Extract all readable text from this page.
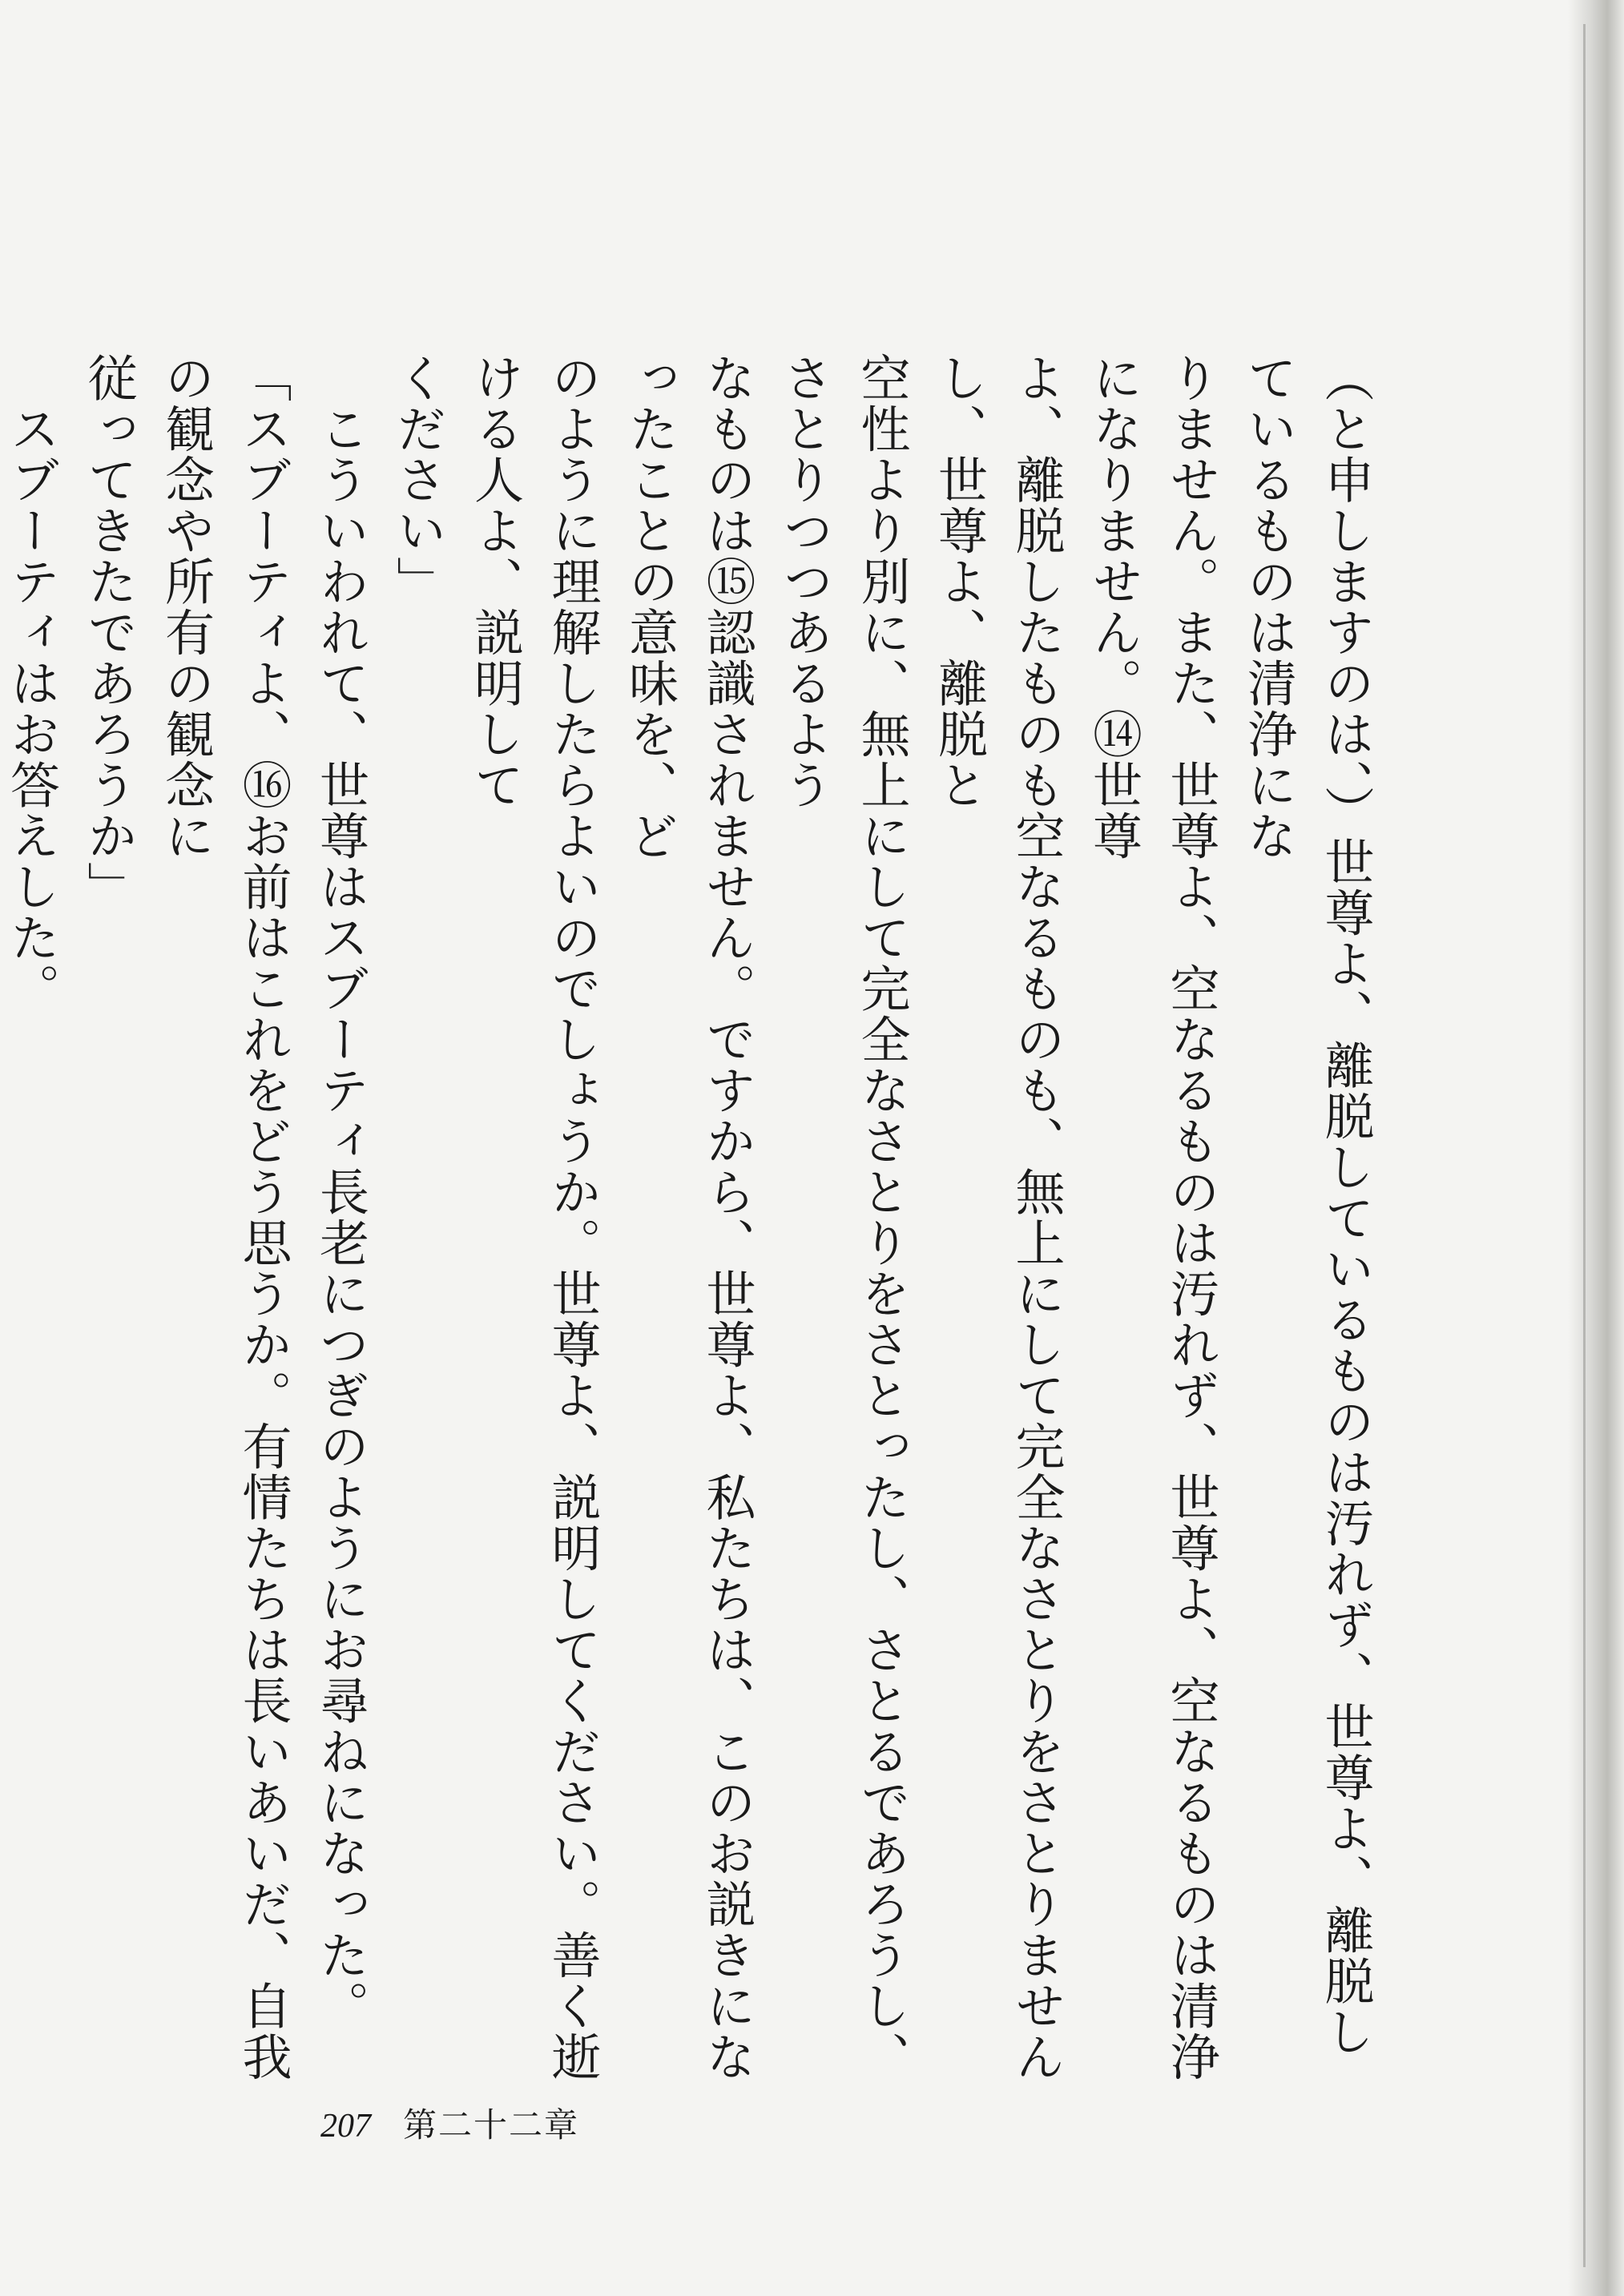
（と申しますのは、）世尊よ、離脱しているものは汚れず、世尊よ、離脱しているものは清浄にな
りません。また、世尊よ、空なるものは汚れず、世尊よ、空なるものは清浄になりません。⑭世尊
よ、離脱したものも空なるものも、無上にして完全なさとりをさとりませんし、世尊よ、離脱と
空性より別に、無上にして完全なさとりをさとったし、さとるであろうし、さとりつつあるよう
なものは⑮認識されません。ですから、世尊よ、私たちは、このお説きになったことの意味を、ど
のように理解したらよいのでしょうか。世尊よ、説明してください。善く逝ける人よ、説明して
ください」

　こういわれて、世尊はスブーティ長老につぎのようにお尋ねになった。

「スブーティよ、⑯お前はこれをどう思うか。有情たちは長いあいだ、自我の観念や所有の観念に
従ってきたであろうか」

　スブーティはお答えした。

207 第二十二章
